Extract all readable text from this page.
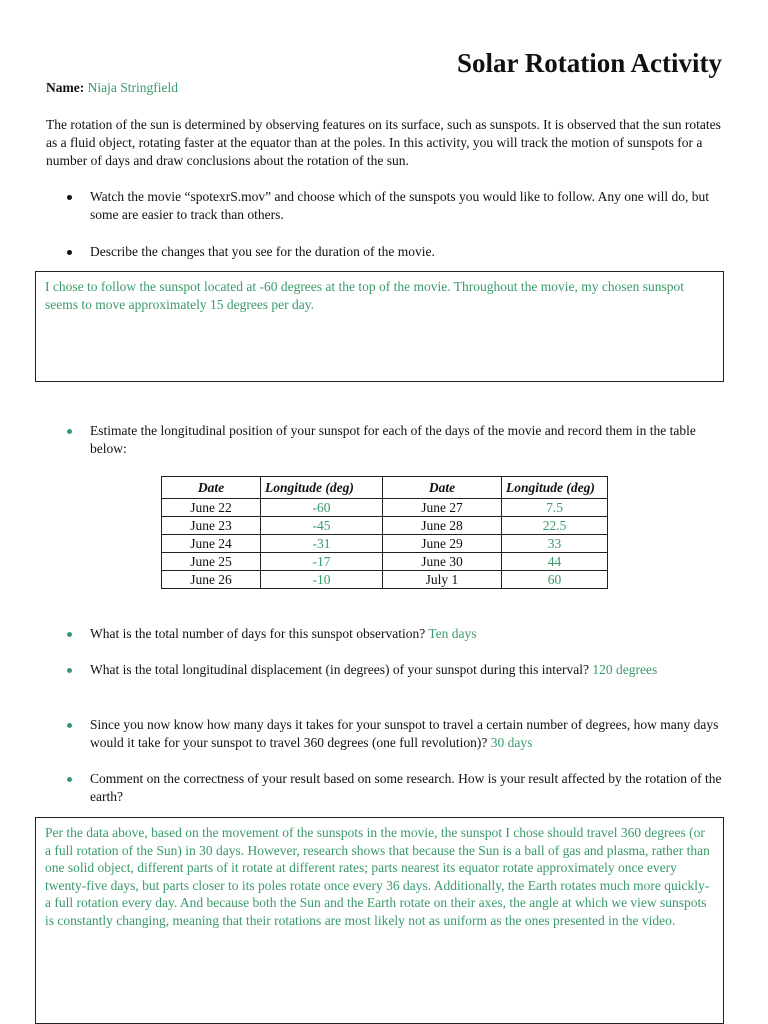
Solar Rotation Activity
Name: Niaja Stringfield

The rotation of the sun is determined by observing features on its surface, such as sunspots. It is observed that the sun rotates as a fluid object, rotating faster at the equator than at the poles. In this activity, you will track the motion of sunspots for a number of days and draw conclusions about the rotation of the sun.

Watch the movie “spotexrS.mov” and choose which of the sunspots you would like to follow. Any one will do, but some are easier to track than others.

Describe the changes that you see for the duration of the movie.

I chose to follow the sunspot located at -60 degrees at the top of the movie. Throughout the movie, my chosen sunspot seems to move approximately 15 degrees per day.

Estimate the longitudinal position of your sunspot for each of the days of the movie and record them in the table below:

Date	Longitude (deg)	Date	Longitude (deg)
June 22	-60	June 27	7.5
June 23	-45	June 28	22.5
June 24	-31	June 29	33
June 25	-17	June 30	44
June 26	-10	July 1	60

What is the total number of days for this sunspot observation? Ten days

What is the total longitudinal displacement (in degrees) of your sunspot during this interval? 120 degrees

Since you now know how many days it takes for your sunspot to travel a certain number of degrees, how many days would it take for your sunspot to travel 360 degrees (one full revolution)? 30 days

Comment on the correctness of your result based on some research. How is your result affected by the rotation of the earth?

Per the data above, based on the movement of the sunspots in the movie, the sunspot I chose should travel 360 degrees (or a full rotation of the Sun) in 30 days. However, research shows that because the Sun is a ball of gas and plasma, rather than one solid object, different parts of it rotate at different rates; parts nearest its equator rotate approximately once every twenty-five days, but parts closer to its poles rotate once every 36 days. Additionally, the Earth rotates much more quickly- a full rotation every day. And because both the Sun and the Earth rotate on their axes, the angle at which we view sunspots is constantly changing, meaning that their rotations are most likely not as uniform as the ones presented in the video.
